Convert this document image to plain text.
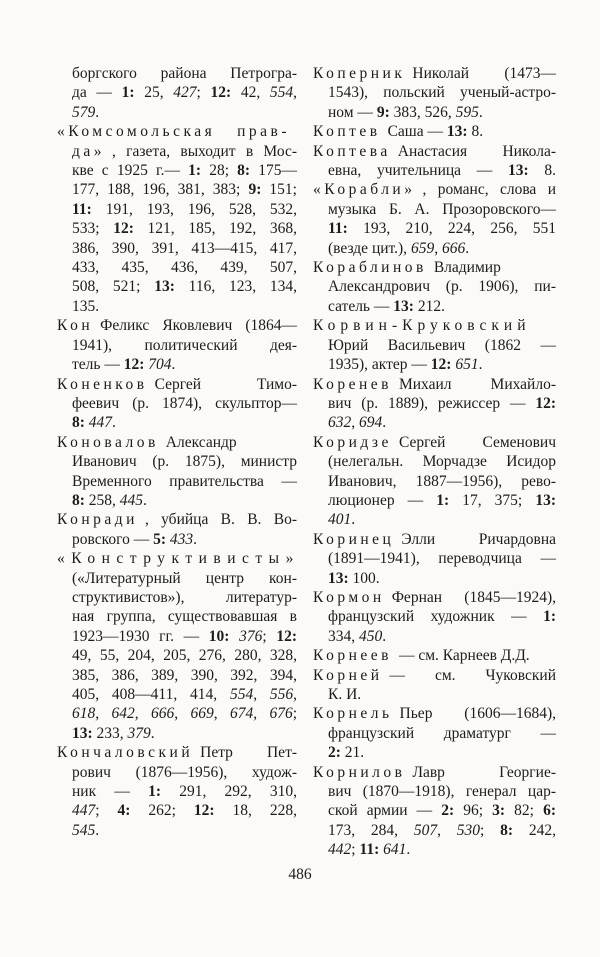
боргского района Петрогра-
да — 1: 25, 427; 12: 42, 554,
579.
«Комсомольская прав-
да» , газета, выходит в Мос-
кве с 1925 г.— 1: 28; 8: 175—
177, 188, 196, 381, 383; 9: 151;
11: 191, 193, 196, 528, 532,
533; 12: 121, 185, 192, 368,
386, 390, 391, 413—415, 417,
433, 435, 436, 439, 507,
508, 521; 13: 116, 123, 134,
135.
Кон Феликс Яковлевич (1864—
1941), политический дея-
тель — 12: 704.
Коненков Сергей Тимо-
феевич (р. 1874), скульптор—
8: 447.
Коновалов Александр
Иванович (р. 1875), министр
Временного правительства —
8: 258, 445.
Конради , убийца В. В. Во-
ровского — 5: 433.
«Конструктивисты»
(«Литературный центр кон-
структивистов»), литератур-
ная группа, существовавшая в
1923—1930 гг. — 10: 376; 12:
49, 55, 204, 205, 276, 280, 328,
385, 386, 389, 390, 392, 394,
405, 408—411, 414, 554, 556,
618, 642, 666, 669, 674, 676;
13: 233, 379.
Кончаловский Петр Пет-
рович (1876—1956), худож-
ник — 1: 291, 292, 310,
447; 4: 262; 12: 18, 228,
545.
Коперник Николай (1473—
1543), польский ученый-астро-
ном — 9: 383, 526, 595.
Коптев Саша — 13: 8.
Коптева Анастасия Никола-
евна, учительница — 13: 8.
«Корабли» , романс, слова и
музыка Б. А. Прозоровского—
11: 193, 210, 224, 256, 551
(везде цит.), 659, 666.
Кораблинов Владимир
Александрович (р. 1906), пи-
сатель — 13: 212.
Корвин-Круковский
Юрий Васильевич (1862 —
1935), актер — 12: 651.
Коренев Михаил Михайло-
вич (р. 1889), режиссер — 12:
632, 694.
Коридзе Сергей Семенович
(нелегальн. Морчадзе Исидор
Иванович, 1887—1956), рево-
люционер — 1: 17, 375; 13:
401.
Коринец Элли Ричардовна
(1891—1941), переводчица —
13: 100.
Кормон Фернан (1845—1924),
французский художник — 1:
334, 450.
Корнеев — см. Карнеев Д.Д.
Корней — см. Чуковский
К. И.
Корнель Пьер (1606—1684),
французский драматург —
2: 21.
Корнилов Лавр Георгие-
вич (1870—1918), генерал цар-
ской армии — 2: 96; 3: 82; 6:
173, 284, 507, 530; 8: 242,
442; 11: 641.
486
